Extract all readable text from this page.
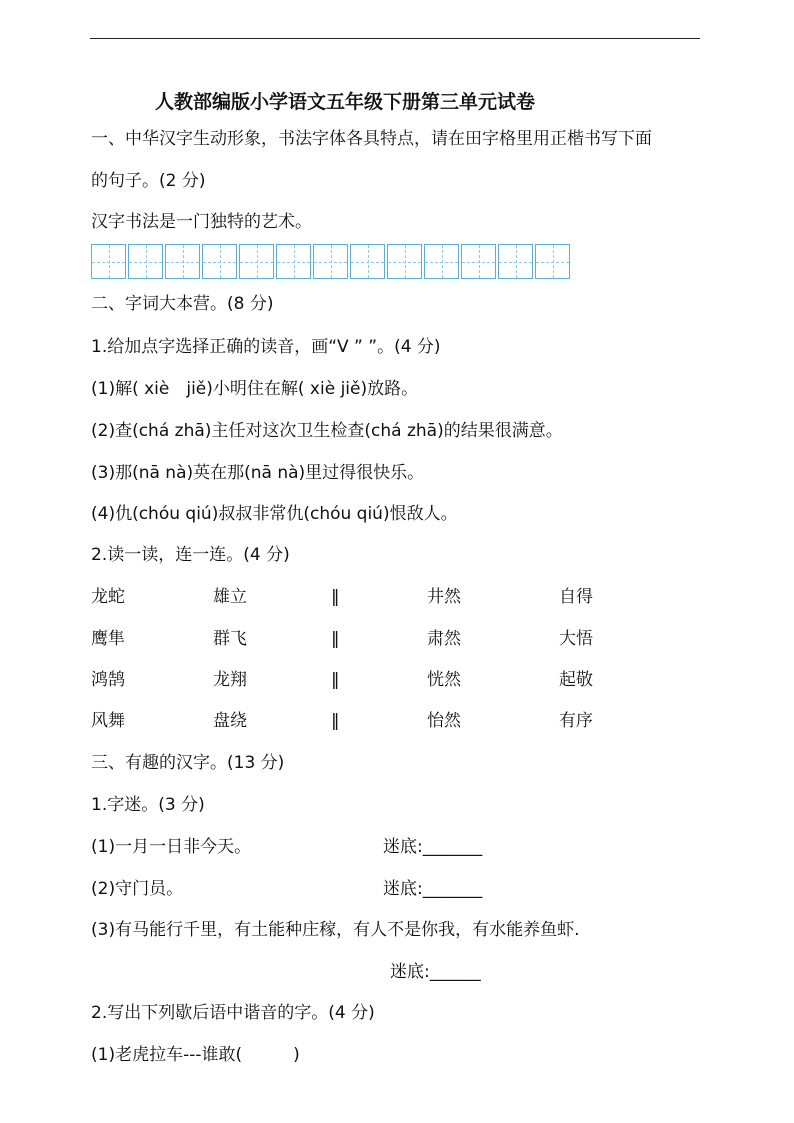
人教部编版小学语文五年级下册第三单元试卷
一、中华汉字生动形象，书法字体各具特点，请在田字格里用正楷书写下面
的句子。(2 分)
汉字书法是一门独特的艺术。
二、字词大本营。(8 分)
1.给加点字选择正确的读音，画“V ” ”。(4 分)
(1)解( xiè　jiě)小明住在解( xiè jiě)放路。
(2)查(chá zhā)主任对这次卫生检查(chá zhā)的结果很满意。
(3)那(nā nà)英在那(nā nà)里过得很快乐。
(4)仇(chóu qiú)叔叔非常仇(chóu qiú)恨敌人。
2.读一读，连一连。(4 分)
龙蛇	雄立	‖	井然	自得
鹰隼	群飞	‖	肃然	大悟
鸿鹄	龙翔	‖	恍然	起敬
风舞	盘绕	‖	怡然	有序
三、有趣的汉字。(13 分)
1.字迷。(3 分)
(1)一月一日非今天。	迷底:_______
(2)守门员。	迷底:_______
(3)有马能行千里，有土能种庄稼，有人不是你我，有水能养鱼虾.
迷底:______
2.写出下列歇后语中谐音的字。(4 分)
(1)老虎拉车---谁敢(　　　)
